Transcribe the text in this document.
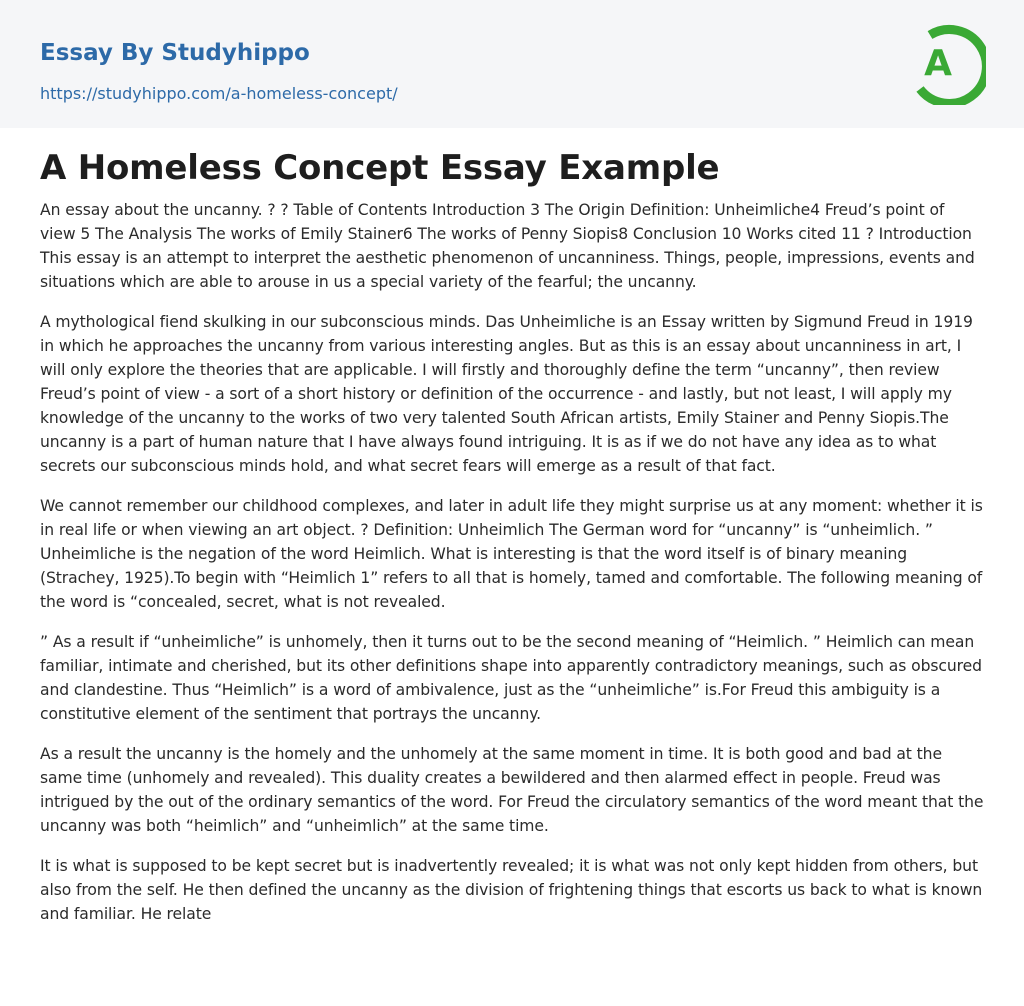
Essay By Studyhippo
https://studyhippo.com/a-homeless-concept/
A
A Homeless Concept Essay Example

An essay about the uncanny. ? ? Table of Contents Introduction 3 The Origin Definition: Unheimliche4 Freud’s point of view 5 The Analysis The works of Emily Stainer6 The works of Penny Siopis8 Conclusion 10 Works cited 11 ? Introduction This essay is an attempt to interpret the aesthetic phenomenon of uncanniness. Things, people, impressions, events and situations which are able to arouse in us a special variety of the fearful; the uncanny.

A mythological fiend skulking in our subconscious minds. Das Unheimliche is an Essay written by Sigmund Freud in 1919 in which he approaches the uncanny from various interesting angles. But as this is an essay about uncanniness in art, I will only explore the theories that are applicable. I will firstly and thoroughly define the term “uncanny”, then review Freud’s point of view - a sort of a short history or definition of the occurrence - and lastly, but not least, I will apply my knowledge of the uncanny to the works of two very talented South African artists, Emily Stainer and Penny Siopis.The uncanny is a part of human nature that I have always found intriguing. It is as if we do not have any idea as to what secrets our subconscious minds hold, and what secret fears will emerge as a result of that fact.

We cannot remember our childhood complexes, and later in adult life they might surprise us at any moment: whether it is in real life or when viewing an art object. ? Definition: Unheimlich The German word for “uncanny” is “unheimlich. ” Unheimliche is the negation of the word Heimlich. What is interesting is that the word itself is of binary meaning (Strachey, 1925).To begin with “Heimlich 1” refers to all that is homely, tamed and comfortable. The following meaning of the word is “concealed, secret, what is not revealed.

” As a result if “unheimliche” is unhomely, then it turns out to be the second meaning of “Heimlich. ” Heimlich can mean familiar, intimate and cherished, but its other definitions shape into apparently contradictory meanings, such as obscured and clandestine. Thus “Heimlich” is a word of ambivalence, just as the “unheimliche” is.For Freud this ambiguity is a constitutive element of the sentiment that portrays the uncanny.

As a result the uncanny is the homely and the unhomely at the same moment in time. It is both good and bad at the same time (unhomely and revealed). This duality creates a bewildered and then alarmed effect in people. Freud was intrigued by the out of the ordinary semantics of the word. For Freud the circulatory semantics of the word meant that the uncanny was both “heimlich” and “unheimlich” at the same time.

It is what is supposed to be kept secret but is inadvertently revealed; it is what was not only kept hidden from others, but also from the self. He then defined the uncanny as the division of frightening things that escorts us back to what is known and familiar. He relate
